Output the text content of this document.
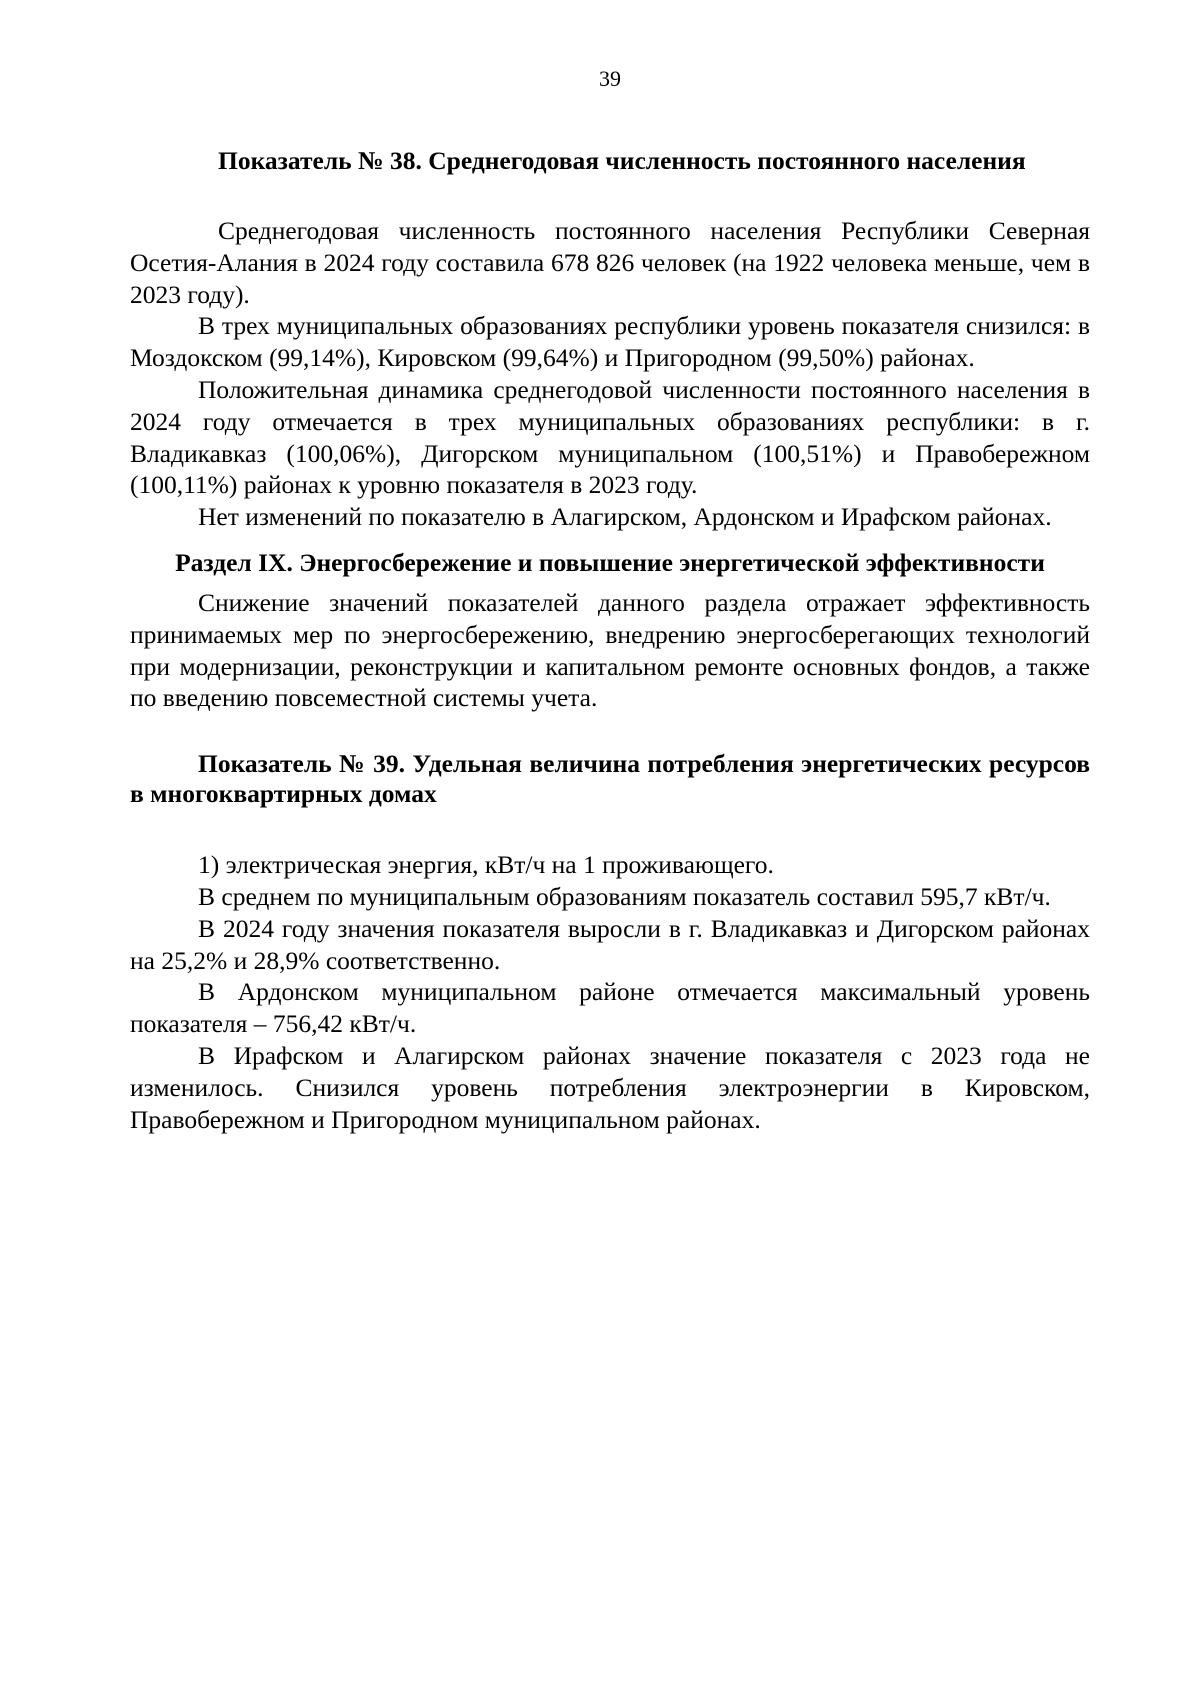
39

Показатель № 38. Среднегодовая численность постоянного населения

Среднегодовая численность постоянного населения Республики Северная Осетия-Алания в 2024 году составила 678 826 человек (на 1922 человека меньше, чем в 2023 году).

В трех муниципальных образованиях республики уровень показателя снизился: в Моздокском (99,14%), Кировском (99,64%) и Пригородном (99,50%) районах.

Положительная динамика среднегодовой численности постоянного населения в 2024 году отмечается в трех муниципальных образованиях республики: в г. Владикавказ (100,06%), Дигорском муниципальном (100,51%) и Правобережном (100,11%) районах к уровню показателя в 2023 году.

Нет изменений по показателю в Алагирском, Ардонском и Ирафском районах.

Раздел IX. Энергосбережение и повышение энергетической эффективности

Снижение значений показателей данного раздела отражает эффективность принимаемых мер по энергосбережению, внедрению энергосберегающих технологий при модернизации, реконструкции и капитальном ремонте основных фондов, а также по введению повсеместной системы учета.

Показатель № 39. Удельная величина потребления энергетических ресурсов в многоквартирных домах

1) электрическая энергия, кВт/ч на 1 проживающего.

В среднем по муниципальным образованиям показатель составил 595,7 кВт/ч.

В 2024 году значения показателя выросли в г. Владикавказ и Дигорском районах на 25,2% и 28,9% соответственно.

В Ардонском муниципальном районе отмечается максимальный уровень показателя – 756,42 кВт/ч.

В Ирафском и Алагирском районах значение показателя с 2023 года не изменилось. Снизился уровень потребления электроэнергии в Кировском, Правобережном и Пригородном муниципальном районах.
